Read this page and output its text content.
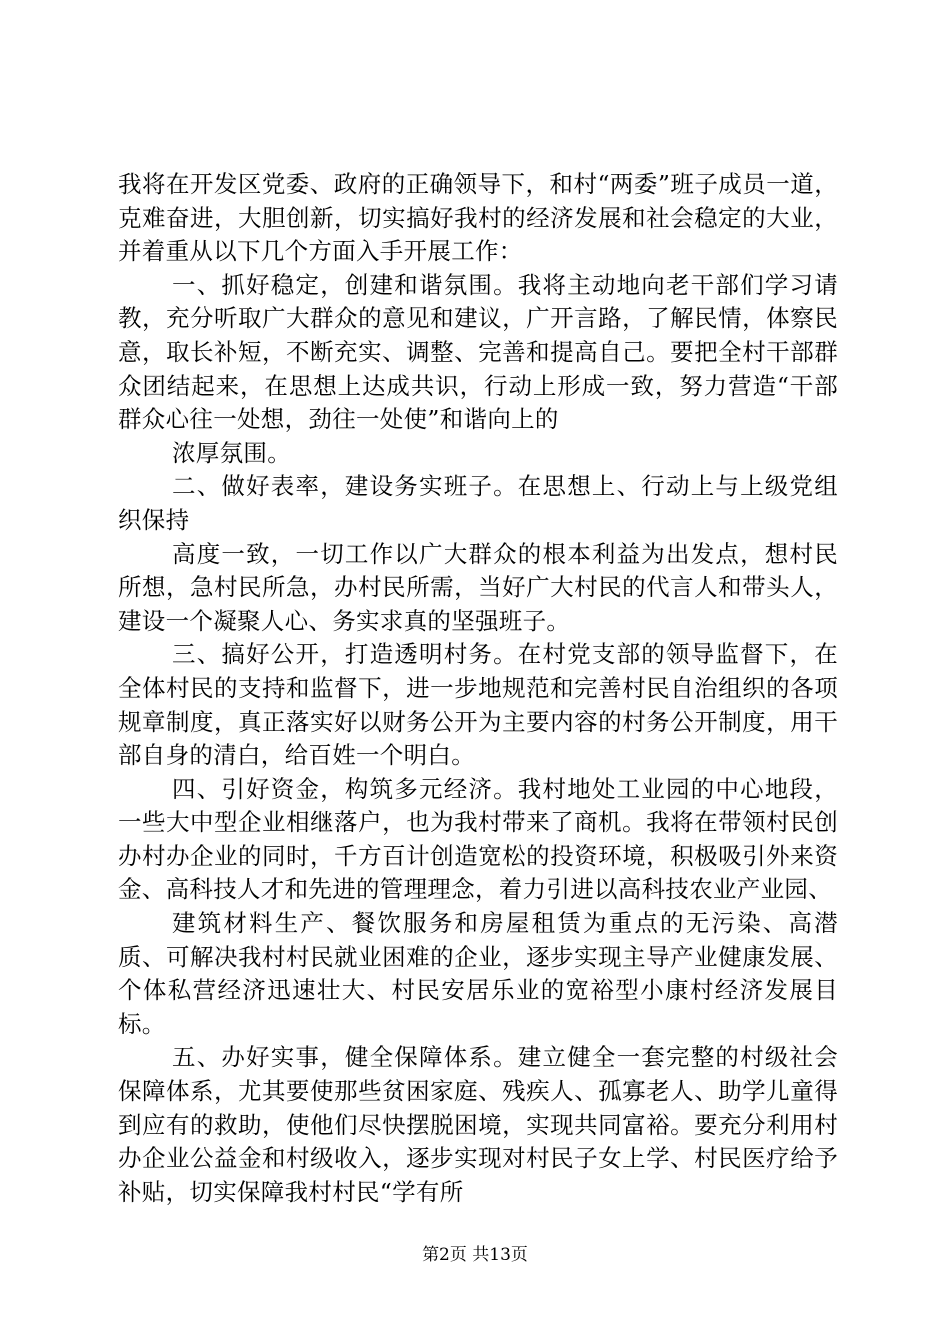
我将在开发区党委、政府的正确领导下，和村“两委”班子成员一道，克难奋进，大胆创新，切实搞好我村的经济发展和社会稳定的大业，并着重从以下几个方面入手开展工作：

一、抓好稳定，创建和谐氛围。我将主动地向老干部们学习请教，充分听取广大群众的意见和建议，广开言路，了解民情，体察民意，取长补短，不断充实、调整、完善和提高自己。要把全村干部群众团结起来，在思想上达成共识，行动上形成一致，努力营造“干部群众心往一处想，劲往一处使”和谐向上的

浓厚氛围。

二、做好表率，建设务实班子。在思想上、行动上与上级党组织保持

高度一致，一切工作以广大群众的根本利益为出发点，想村民所想，急村民所急，办村民所需，当好广大村民的代言人和带头人，建设一个凝聚人心、务实求真的坚强班子。

三、搞好公开，打造透明村务。在村党支部的领导监督下，在全体村民的支持和监督下，进一步地规范和完善村民自治组织的各项规章制度，真正落实好以财务公开为主要内容的村务公开制度，用干部自身的清白，给百姓一个明白。

四、引好资金，构筑多元经济。我村地处工业园的中心地段，一些大中型企业相继落户，也为我村带来了商机。我将在带领村民创办村办企业的同时，千方百计创造宽松的投资环境，积极吸引外来资金、高科技人才和先进的管理理念，着力引进以高科技农业产业园、

建筑材料生产、餐饮服务和房屋租赁为重点的无污染、高潜质、可解决我村村民就业困难的企业，逐步实现主导产业健康发展、个体私营经济迅速壮大、村民安居乐业的宽裕型小康村经济发展目标。

五、办好实事，健全保障体系。建立健全一套完整的村级社会保障体系，尤其要使那些贫困家庭、残疾人、孤寡老人、助学儿童得到应有的救助，使他们尽快摆脱困境，实现共同富裕。要充分利用村办企业公益金和村级收入，逐步实现对村民子女上学、村民医疗给予补贴，切实保障我村村民“学有所

第2页 共13页
